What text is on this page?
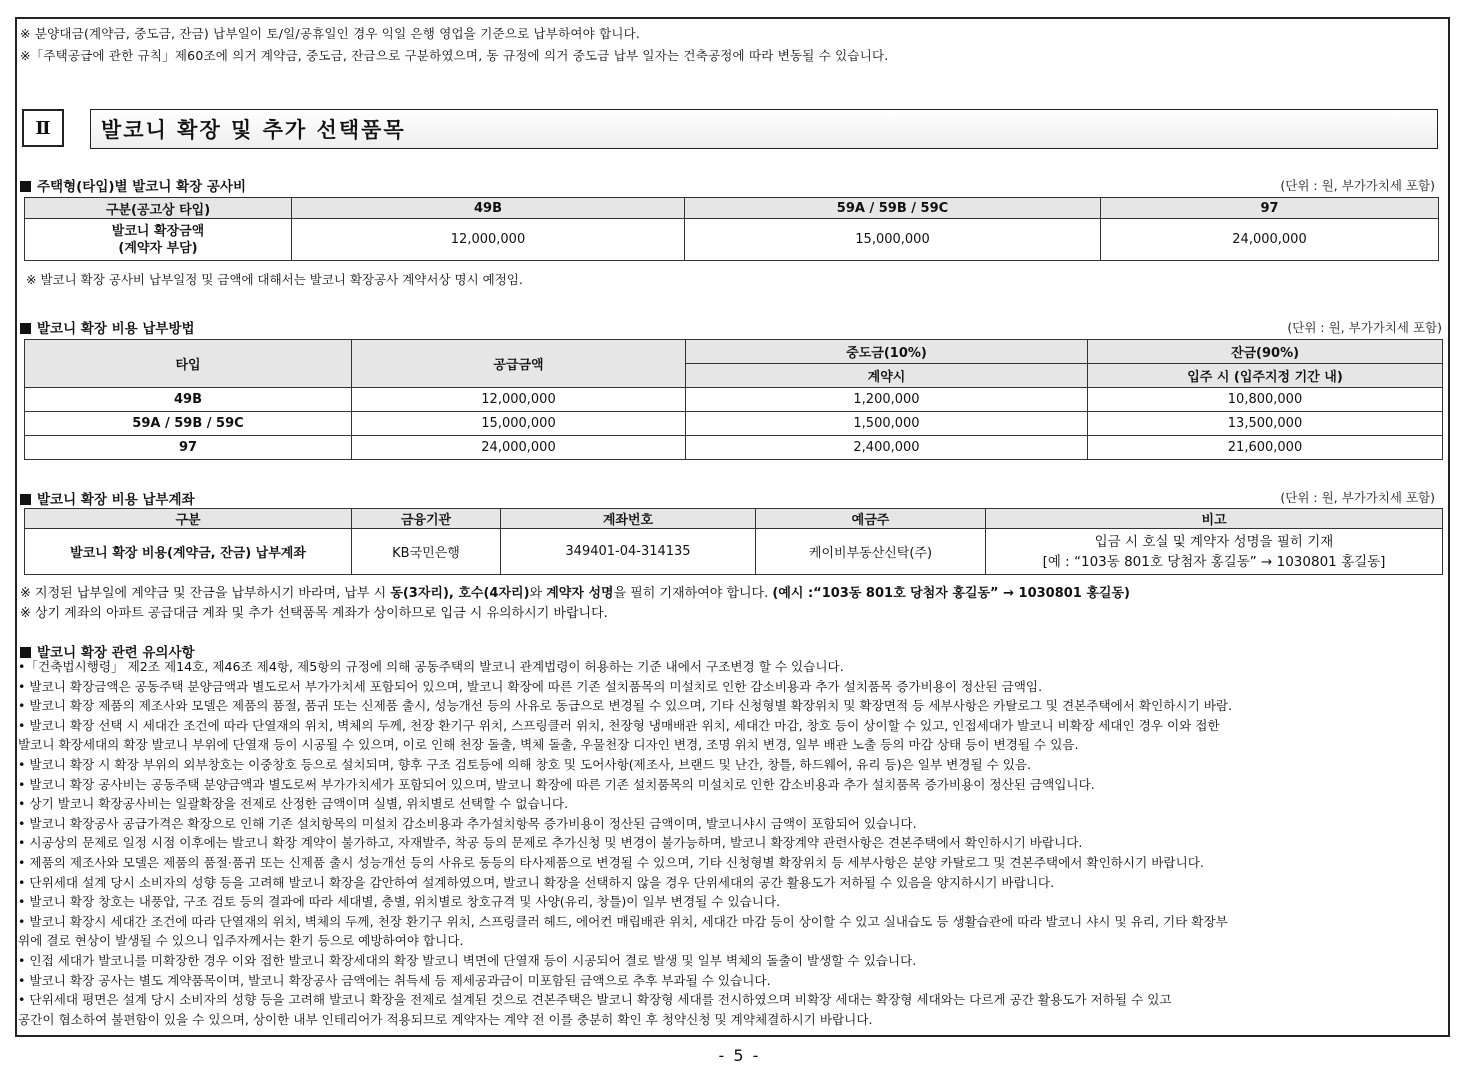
※ 분양대금(계약금, 중도금, 잔금) 납부일이 토/일/공휴일인 경우 익일 은행 영업을 기준으로 납부하여야 합니다.
※「주택공급에 관한 규칙」제60조에 의거 계약금, 중도금, 잔금으로 구분하였으며, 동 규정에 의거 중도금 납부 일자는 건축공정에 따라 변동될 수 있습니다.
Ⅱ	발코니 확장 및 추가 선택품목
주택형(타입)별 발코니 확장 공사비	(단위 : 원, 부가가치세 포함)
구분(공고상 타입)	49B	59A / 59B / 59C	97

발코니 확장금액
(계약자 부담)	12,000,000	15,000,000	24,000,000
※ 발코니 확장 공사비 납부일정 및 금액에 대해서는 발코니 확장공사 계약서상 명시 예정임.
발코니 확장 비용 납부방법	(단위 : 원, 부가가치세 포함)
타입	공급금액	중도금(10%)	잔금(90%)
		계약시	입주 시 (입주지정 기간 내)
49B	12,000,000	1,200,000	10,800,000
59A / 59B / 59C	15,000,000	1,500,000	13,500,000
97	24,000,000	2,400,000	21,600,000
발코니 확장 비용 납부계좌	(단위 : 원, 부가가치세 포함)
구분	금융기관	계좌번호	예금주	비고
발코니 확장 비용(계약금, 잔금) 납부계좌	KB국민은행	349401-04-314135	케이비부동산신탁(주)	입금 시 호실 및 계약자 성명을 필히 기재
[예 : “103동 801호 당첨자 홍길동” → 1030801 홍길동]
※ 지정된 납부일에 계약금 및 잔금을 납부하시기 바라며, 납부 시 동(3자리), 호수(4자리)와 계약자 성명을 필히 기재하여야 합니다. (예시 :“103동 801호 당첨자 홍길동” → 1030801 홍길동)
※ 상기 계좌의 아파트 공급대금 계좌 및 추가 선택품목 계좌가 상이하므로 입금 시 유의하시기 바랍니다.
발코니 확장 관련 유의사항
•「건축법시행령」 제2조 제14호, 제46조 제4항, 제5항의 규정에 의해 공동주택의 발코니 관계법령이 허용하는 기준 내에서 구조변경 할 수 있습니다.
• 발코니 확장금액은 공동주택 분양금액과 별도로서 부가가치세 포함되어 있으며, 발코니 확장에 따른 기존 설치품목의 미설치로 인한 감소비용과 추가 설치품목 증가비용이 정산된 금액임.
• 발코니 확장 제품의 제조사와 모델은 제품의 품절, 품귀 또는 신제품 출시, 성능개선 등의 사유로 동급으로 변경될 수 있으며, 기타 신청형별 확장위치 및 확장면적 등 세부사항은 카탈로그 및 견본주택에서 확인하시기 바람.
• 발코니 확장 선택 시 세대간 조건에 따라 단열재의 위치, 벽체의 두께, 천장 환기구 위치, 스프링클러 위치, 천장형 냉매배관 위치, 세대간 마감, 창호 등이 상이할 수 있고, 인접세대가 발코니 비확장 세대인 경우 이와 접한
발코니 확장세대의 확장 발코니 부위에 단열재 등이 시공될 수 있으며, 이로 인해 천장 돌출, 벽체 돌출, 우물천장 디자인 변경, 조명 위치 변경, 일부 배관 노출 등의 마감 상태 등이 변경될 수 있음.
• 발코니 확장 시 확장 부위의 외부창호는 이중창호 등으로 설치되며, 향후 구조 검토등에 의해 창호 및 도어사항(제조사, 브랜드 및 난간, 창틀, 하드웨어, 유리 등)은 일부 변경될 수 있음.
• 발코니 확장 공사비는 공동주택 분양금액과 별도로써 부가가치세가 포함되어 있으며, 발코니 확장에 따른 기존 설치품목의 미설치로 인한 감소비용과 추가 설치품목 증가비용이 정산된 금액입니다.
• 상기 발코니 확장공사비는 일괄확장을 전제로 산정한 금액이며 실별, 위치별로 선택할 수 없습니다.
• 발코니 확장공사 공급가격은 확장으로 인해 기존 설치항목의 미설치 감소비용과 추가설치항목 증가비용이 정산된 금액이며, 발코니샤시 금액이 포함되어 있습니다.
• 시공상의 문제로 일정 시점 이후에는 발코니 확장 계약이 불가하고, 자재발주, 착공 등의 문제로 추가신청 및 변경이 불가능하며, 발코니 확장계약 관련사항은 견본주택에서 확인하시기 바랍니다.
• 제품의 제조사와 모델은 제품의 품절·품귀 또는 신제품 출시 성능개선 등의 사유로 동등의 타사제품으로 변경될 수 있으며, 기타 신청형별 확장위치 등 세부사항은 분양 카탈로그 및 견본주택에서 확인하시기 바랍니다.
• 단위세대 설계 당시 소비자의 성향 등을 고려해 발코니 확장을 감안하여 설계하였으며, 발코니 확장을 선택하지 않을 경우 단위세대의 공간 활용도가 저하될 수 있음을 양지하시기 바랍니다.
• 발코니 확장 창호는 내풍압, 구조 검토 등의 결과에 따라 세대별, 층별, 위치별로 창호규격 및 사양(유리, 창틀)이 일부 변경될 수 있습니다.
• 발코니 확장시 세대간 조건에 따라 단열재의 위치, 벽체의 두께, 천장 환기구 위치, 스프링클러 헤드, 에어컨 매립배관 위치, 세대간 마감 등이 상이할 수 있고 실내습도 등 생활습관에 따라 발코니 샤시 및 유리, 기타 확장부
위에 결로 현상이 발생될 수 있으니 입주자께서는 환기 등으로 예방하여야 합니다.
• 인접 세대가 발코니를 미확장한 경우 이와 접한 발코니 확장세대의 확장 발코니 벽면에 단열재 등이 시공되어 결로 발생 및 일부 벽체의 돌출이 발생할 수 있습니다.
• 발코니 확장 공사는 별도 계약품목이며, 발코니 확장공사 금액에는 취득세 등 제세공과금이 미포함된 금액으로 추후 부과될 수 있습니다.
• 단위세대 평면은 설계 당시 소비자의 성향 등을 고려해 발코니 확장을 전제로 설계된 것으로 견본주택은 발코니 확장형 세대를 전시하였으며 비확장 세대는 확장형 세대와는 다르게 공간 활용도가 저하될 수 있고
공간이 협소하여 불편함이 있을 수 있으며, 상이한 내부 인테리어가 적용되므로 계약자는 계약 전 이를 충분히 확인 후 청약신청 및 계약체결하시기 바랍니다.
- 5 -
